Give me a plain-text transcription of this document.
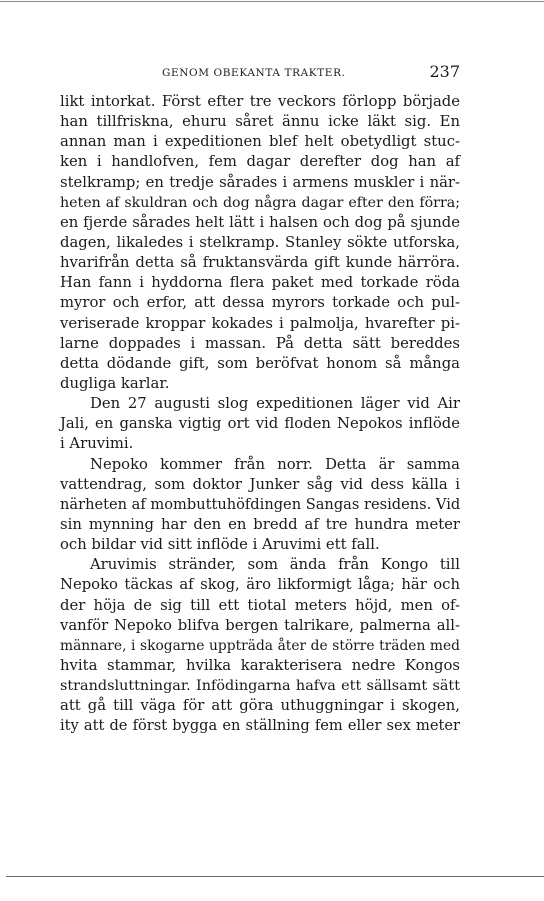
GENOM OBEKANTA TRAKTER.	237
likt intorkat. Först efter tre veckors förlopp började
han tillfriskna, ehuru såret ännu icke läkt sig. En
annan man i expeditionen blef helt obetydligt stuc-
ken i handlofven, fem dagar derefter dog han af
stelkramp; en tredje sårades i armens muskler i när-
heten af skuldran och dog några dagar efter den förra;
en fjerde sårades helt lätt i halsen och dog på sjunde
dagen, likaledes i stelkramp. Stanley sökte utforska,
hvarifrån detta så fruktansvärda gift kunde härröra.
Han fann i hyddorna flera paket med torkade röda
myror och erfor, att dessa myrors torkade och pul-
veriserade kroppar kokades i palmolja, hvarefter pi-
larne doppades i massan. På detta sätt bereddes
detta dödande gift, som beröfvat honom så många
dugliga karlar.
Den 27 augusti slog expeditionen läger vid Air
Jali, en ganska vigtig ort vid floden Nepokos inflöde
i Aruvimi.
Nepoko kommer från norr. Detta är samma
vattendrag, som doktor Junker såg vid dess källa i
närheten af mombuttuhöfdingen Sangas residens. Vid
sin mynning har den en bredd af tre hundra meter
och bildar vid sitt inflöde i Aruvimi ett fall.
Aruvimis stränder, som ända från Kongo till
Nepoko täckas af skog, äro likformigt låga; här och
der höja de sig till ett tiotal meters höjd, men of-
vanför Nepoko blifva bergen talrikare, palmerna all-
männare, i skogarne uppträda åter de större träden med
hvita stammar, hvilka karakterisera nedre Kongos
strandsluttningar. Infödingarna hafva ett sällsamt sätt
att gå till väga för att göra uthuggningar i skogen,
ity att de först bygga en ställning fem eller sex meter
